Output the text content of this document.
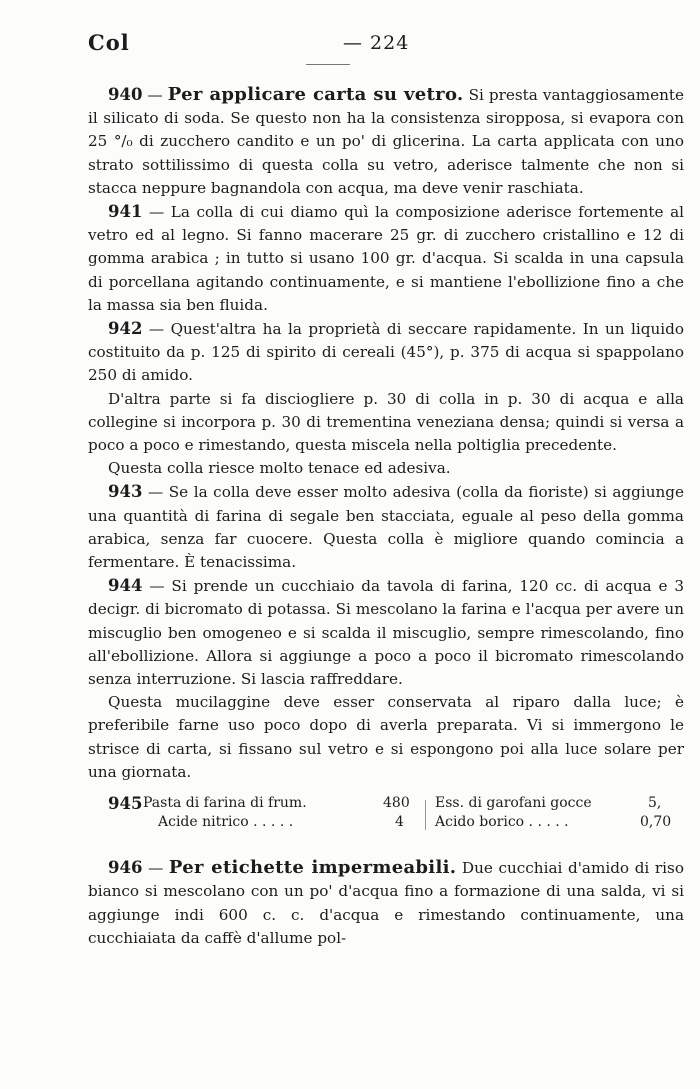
Col	— 224

940 — Per applicare carta su vetro. Si presta vantaggiosamente il silicato di soda. Se questo non ha la consistenza siropposa, si evapora con 25 °/₀ di zucchero candito e un po' di glicerina. La carta applicata con uno strato sottilissimo di questa colla su vetro, aderisce talmente che non si stacca neppure bagnandola con acqua, ma deve venir raschiata.

941 — La colla di cui diamo quì la composizione aderisce fortemente al vetro ed al legno. Si fanno macerare 25 gr. di zucchero cristallino e 12 di gomma arabica ; in tutto si usano 100 gr. d'acqua. Si scalda in una capsula di porcellana agitando continuamente, e si mantiene l'ebollizione fino a che la massa sia ben fluida.

942 — Quest'altra ha la proprietà di seccare rapidamente. In un liquido costituito da p. 125 di spirito di cereali (45°), p. 375 di acqua si spappolano 250 di amido.

D'altra parte si fa disciogliere p. 30 di colla in p. 30 di acqua e alla collegine si incorpora p. 30 di trementina veneziana densa; quindi si versa a poco a poco e rimestando, questa miscela nella poltiglia precedente.

Questa colla riesce molto tenace ed adesiva.

943 — Se la colla deve esser molto adesiva (colla da fioriste) si aggiunge una quantità di farina di segale ben stacciata, eguale al peso della gomma arabica, senza far cuocere. Questa colla è migliore quando comincia a fermentare. È tenacissima.

944 — Si prende un cucchiaio da tavola di farina, 120 cc. di acqua e 3 decigr. di bicromato di potassa. Si mescolano la farina e l'acqua per avere un miscuglio ben omogeneo e si scalda il miscuglio, sempre rimescolando, fino all'ebollizione. Allora si aggiunge a poco a poco il bicromato rimescolando senza interruzione. Si lascia raffreddare.

Questa mucilaggine deve esser conservata al riparo dalla luce; è preferibile farne uso poco dopo di averla preparata. Vi si immergono le strisce di carta, si fissano sul vetro e si espongono poi alla luce solare per una giornata.

945 Pasta di farina di frum.	480
Acide nitrico . . . . .	4
Ess. di garofani gocce	5,
Acido borico . . . . .	0,70

946 — Per etichette impermeabili. Due cucchiai d'amido di riso bianco si mescolano con un po' d'acqua fino a formazione di una salda, vi si aggiunge indi 600 c. c. d'acqua e rimestando continuamente, una cucchiaiata da caffè d'allume pol-
